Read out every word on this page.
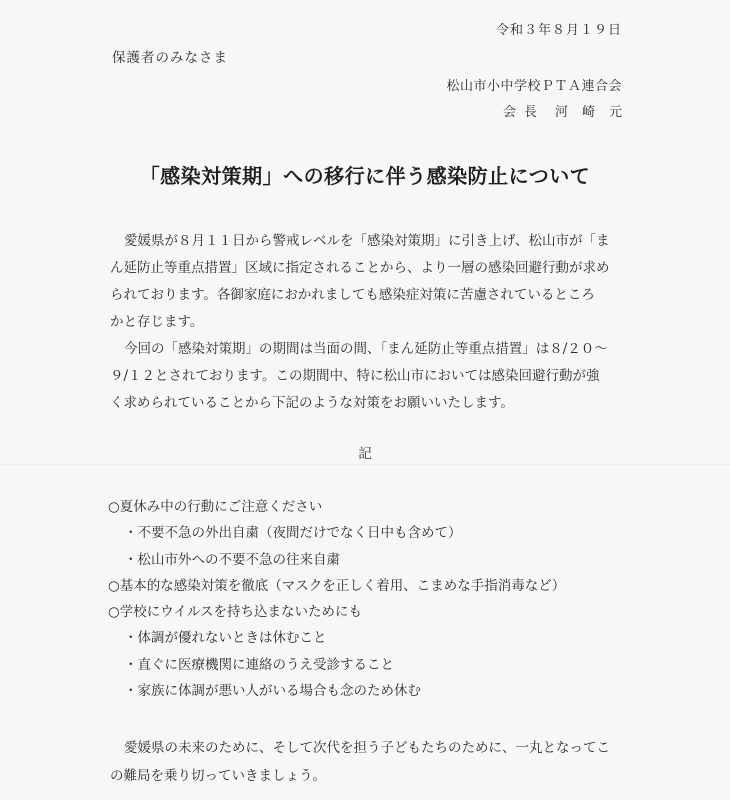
令和３年８月１９日
保護者のみなさま
松山市小中学校ＰＴＡ連合会
会長 河崎元
「感染対策期」への移行に伴う感染防止について
愛媛県が８月１１日から警戒レベルを「感染対策期」に引き上げ、松山市が「ま
ん延防止等重点措置」区域に指定されることから、より一層の感染回避行動が求め
られております。各御家庭におかれましても感染症対策に苦慮されているところ
かと存じます。
今回の「感染対策期」の期間は当面の間、「まん延防止等重点措置」は８/２０～
９/１２とされております。この期間中、特に松山市においては感染回避行動が強
く求められていることから下記のような対策をお願いいたします。
記
○夏休み中の行動にご注意ください
・不要不急の外出自粛（夜間だけでなく日中も含めて）
・松山市外への不要不急の往来自粛
○基本的な感染対策を徹底（マスクを正しく着用、こまめな手指消毒など）
○学校にウイルスを持ち込まないためにも
・体調が優れないときは休むこと
・直ぐに医療機関に連絡のうえ受診すること
・家族に体調が悪い人がいる場合も念のため休む
愛媛県の未来のために、そして次代を担う子どもたちのために、一丸となってこ
の難局を乗り切っていきましょう。
